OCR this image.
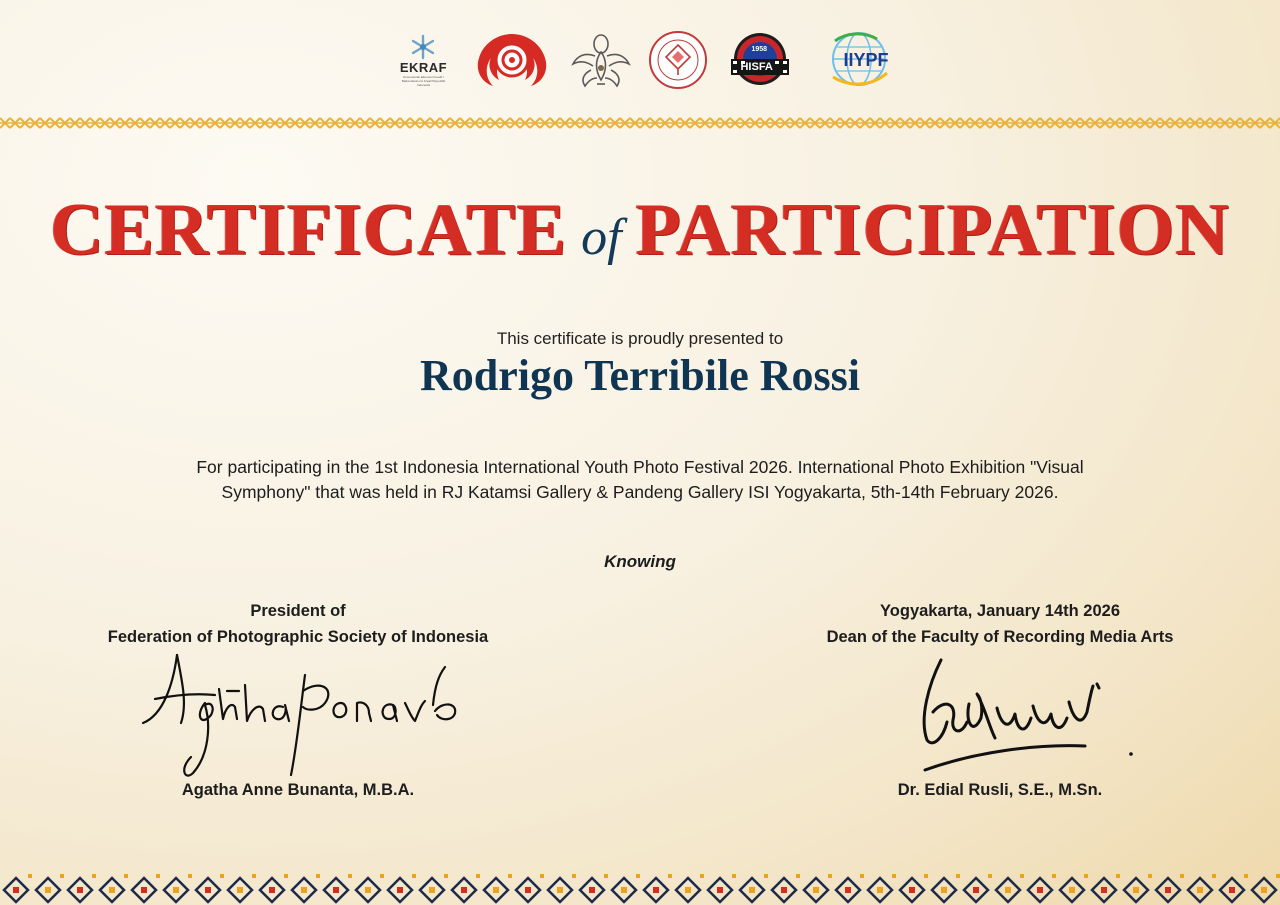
EKRAF
Kementerian Ekonomi Kreatif / Badan Ekonomi Kreatif Republik Indonesia
HISFA
1958	IIYPF
CERTIFICATE of PARTICIPATION
This certificate is proudly presented to
Rodrigo Terribile Rossi
For participating in the 1st Indonesia International Youth Photo Festival 2026. International Photo Exhibition "Visual
Symphony" that was held in RJ Katamsi Gallery & Pandeng Gallery ISI Yogyakarta, 5th-14th February 2026.
Knowing
President of
Federation of Photographic Society of Indonesia
Agatha Anne Bunanta, M.B.A.
Yogyakarta, January 14th 2026
Dean of the Faculty of Recording Media Arts
Dr. Edial Rusli, S.E., M.Sn.
